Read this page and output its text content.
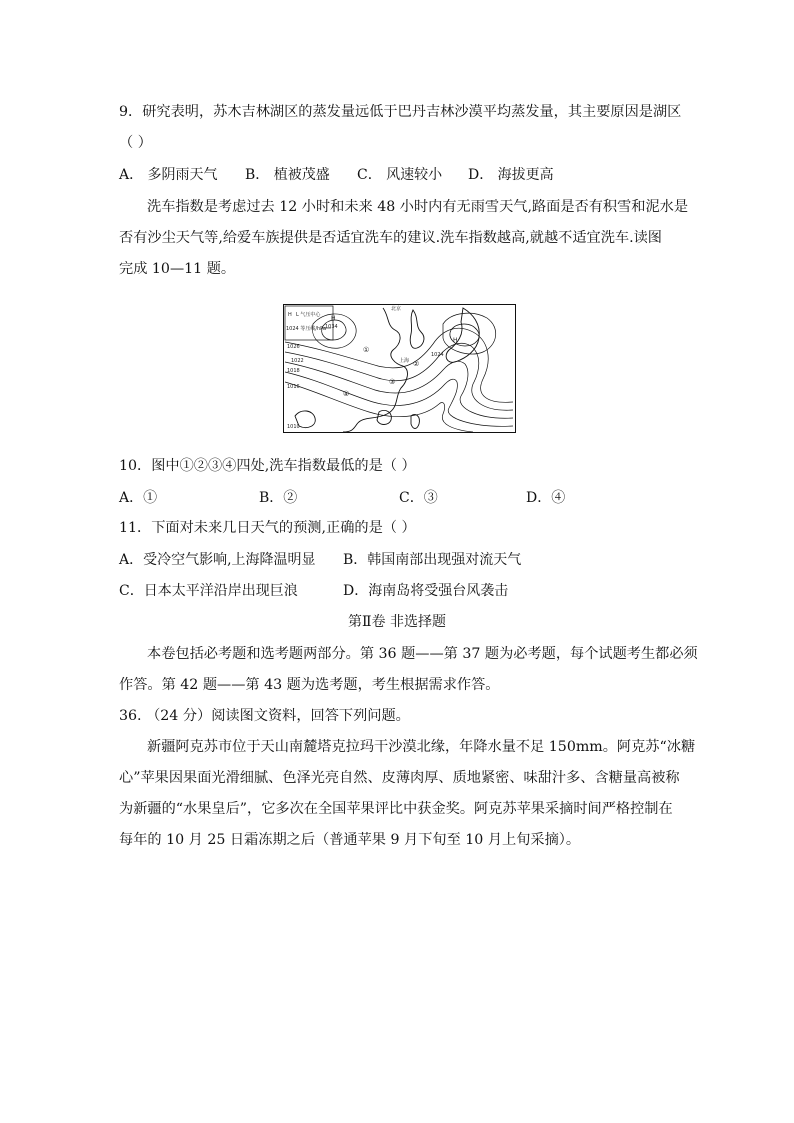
9．研究表明，苏木吉林湖区的蒸发量远低于巴丹吉林沙漠平均蒸发量，其主要原因是湖区
（ ）
A． 多阴雨天气 B． 植被茂盛 C． 风速较小 D． 海拔更高
洗车指数是考虑过去 12 小时和未来 48 小时内有无雨雪天气,路面是否有积雪和泥水是
否有沙尘天气等,给爱车族提供是否适宜洗车的建议.洗车指数越高,就越不适宜洗车.读图
完成 10—11 题。
H L 气压中心
1024 等压线/hPa
1026
1022
1018
1016
1010
H
1034
H
1024
北京
上海
①
②
③
④
10．图中①②③④四处,洗车指数最低的是（ ）
A．①	B．②	C．③	D．④
11．下面对未来几日天气的预测,正确的是（ ）
A．受冷空气影响,上海降温明显 B．韩国南部出现强对流天气
C．日本太平洋沿岸出现巨浪	D．海南岛将受强台风袭击
第Ⅱ卷 非选择题
本卷包括必考题和选考题两部分。第 36 题——第 37 题为必考题，每个试题考生都必须
作答。第 42 题——第 43 题为选考题，考生根据需求作答。
36. （24 分）阅读图文资料，回答下列问题。
新疆阿克苏市位于天山南麓塔克拉玛干沙漠北缘，年降水量不足 150mm。阿克苏“冰糖
心”苹果因果面光滑细腻、色泽光亮自然、皮薄肉厚、质地紧密、味甜汁多、含糖量高被称
为新疆的“水果皇后”，它多次在全国苹果评比中获金奖。阿克苏苹果采摘时间严格控制在
每年的 10 月 25 日霜冻期之后（普通苹果 9 月下旬至 10 月上旬采摘）。
